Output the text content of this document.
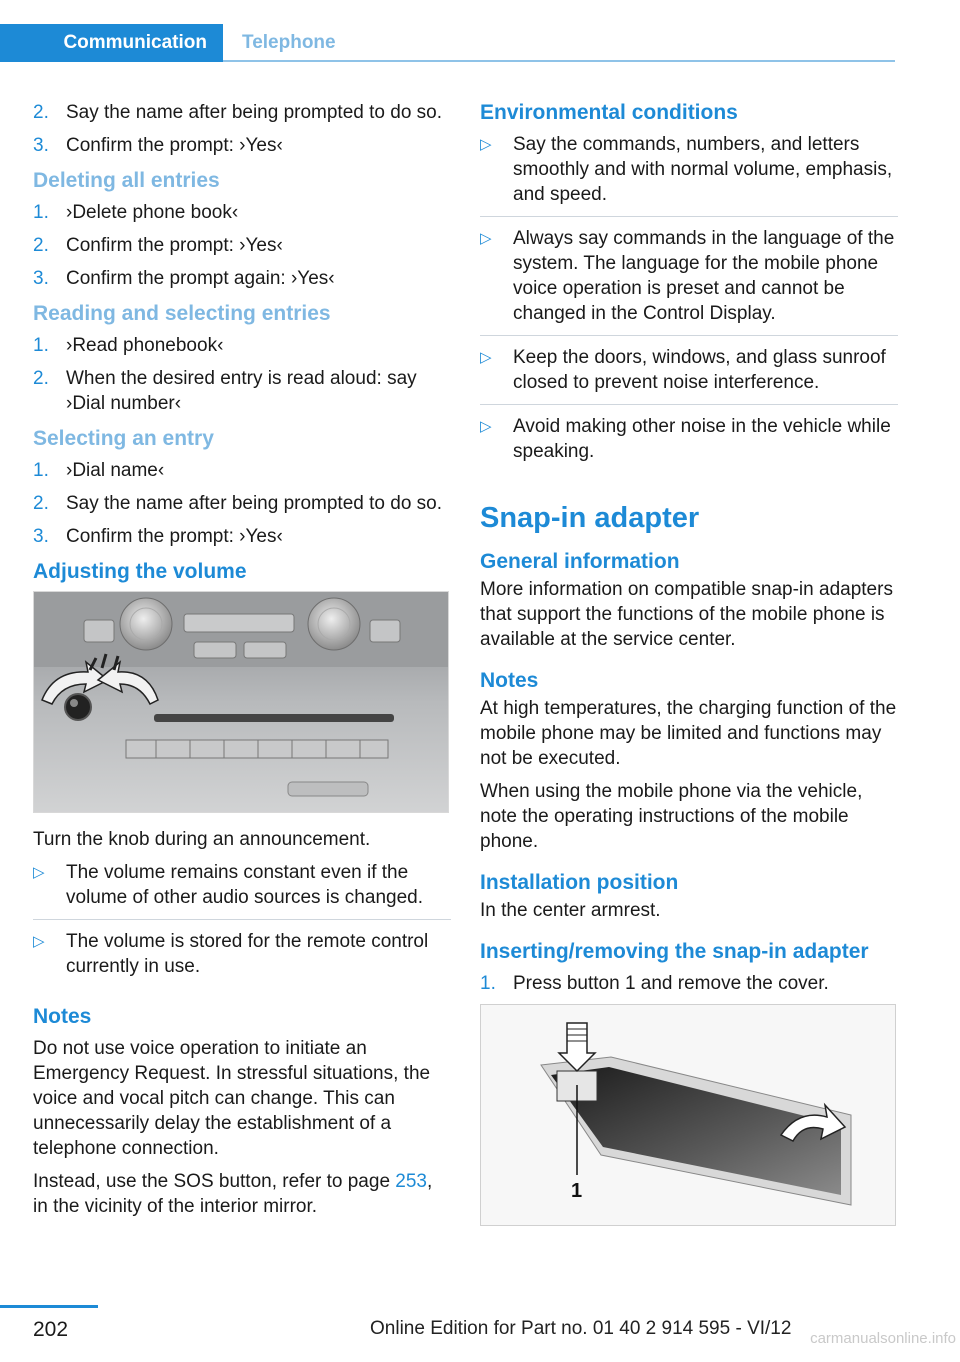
Communication	Telephone
2. Say the name after being prompted to do so.
3. Confirm the prompt: ›Yes‹
Deleting all entries
1. ›Delete phone book‹
2. Confirm the prompt: ›Yes‹
3. Confirm the prompt again: ›Yes‹
Reading and selecting entries
1. ›Read phonebook‹
2. When the desired entry is read aloud: say ›Dial number‹
Selecting an entry
1. ›Dial name‹
2. Say the name after being prompted to do so.
3. Confirm the prompt: ›Yes‹
Adjusting the volume
Turn the knob during an announcement.
▷	The volume remains constant even if the volume of other audio sources is changed.
▷	The volume is stored for the remote control currently in use.
Notes
Do not use voice operation to initiate an Emergency Request. In stressful situations, the voice and vocal pitch can change. This can unnecessarily delay the establishment of a telephone connection.
Instead, use the SOS button, refer to page 253, in the vicinity of the interior mirror.
Environmental conditions
▷	Say the commands, numbers, and letters smoothly and with normal volume, emphasis, and speed.
▷	Always say commands in the language of the system. The language for the mobile phone voice operation is preset and cannot be changed in the Control Display.
▷	Keep the doors, windows, and glass sunroof closed to prevent noise interference.
▷	Avoid making other noise in the vehicle while speaking.
Snap-in adapter
General information
More information on compatible snap-in adapters that support the functions of the mobile phone is available at the service center.
Notes
At high temperatures, the charging function of the mobile phone may be limited and functions may not be executed.
When using the mobile phone via the vehicle, note the operating instructions of the mobile phone.
Installation position
In the center armrest.
Inserting/removing the snap-in adapter
1. Press button 1 and remove the cover.
1
202	Online Edition for Part no. 01 40 2 914 595 - VI/12 carmanualsonline.info
